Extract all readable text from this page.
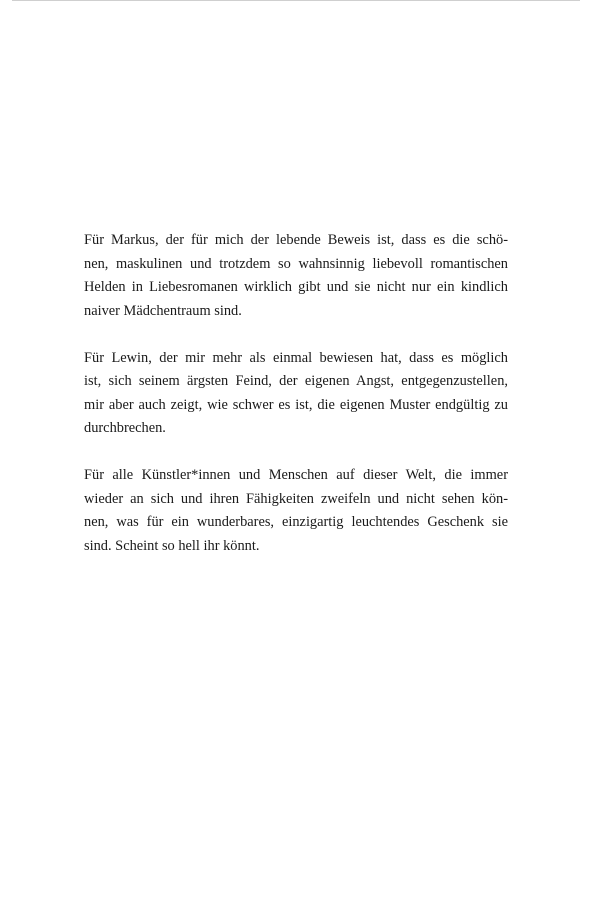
Für Markus, der für mich der lebende Beweis ist, dass es die schö-
nen, maskulinen und trotzdem so wahnsinnig liebevoll romantischen
Helden in Liebesromanen wirklich gibt und sie nicht nur ein kindlich
naiver Mädchentraum sind.

Für Lewin, der mir mehr als einmal bewiesen hat, dass es möglich
ist, sich seinem ärgsten Feind, der eigenen Angst, entgegenzustellen,
mir aber auch zeigt, wie schwer es ist, die eigenen Muster endgültig zu
durchbrechen.

Für alle Künstler*innen und Menschen auf dieser Welt, die immer
wieder an sich und ihren Fähigkeiten zweifeln und nicht sehen kön-
nen, was für ein wunderbares, einzigartig leuchtendes Geschenk sie
sind. Scheint so hell ihr könnt.
